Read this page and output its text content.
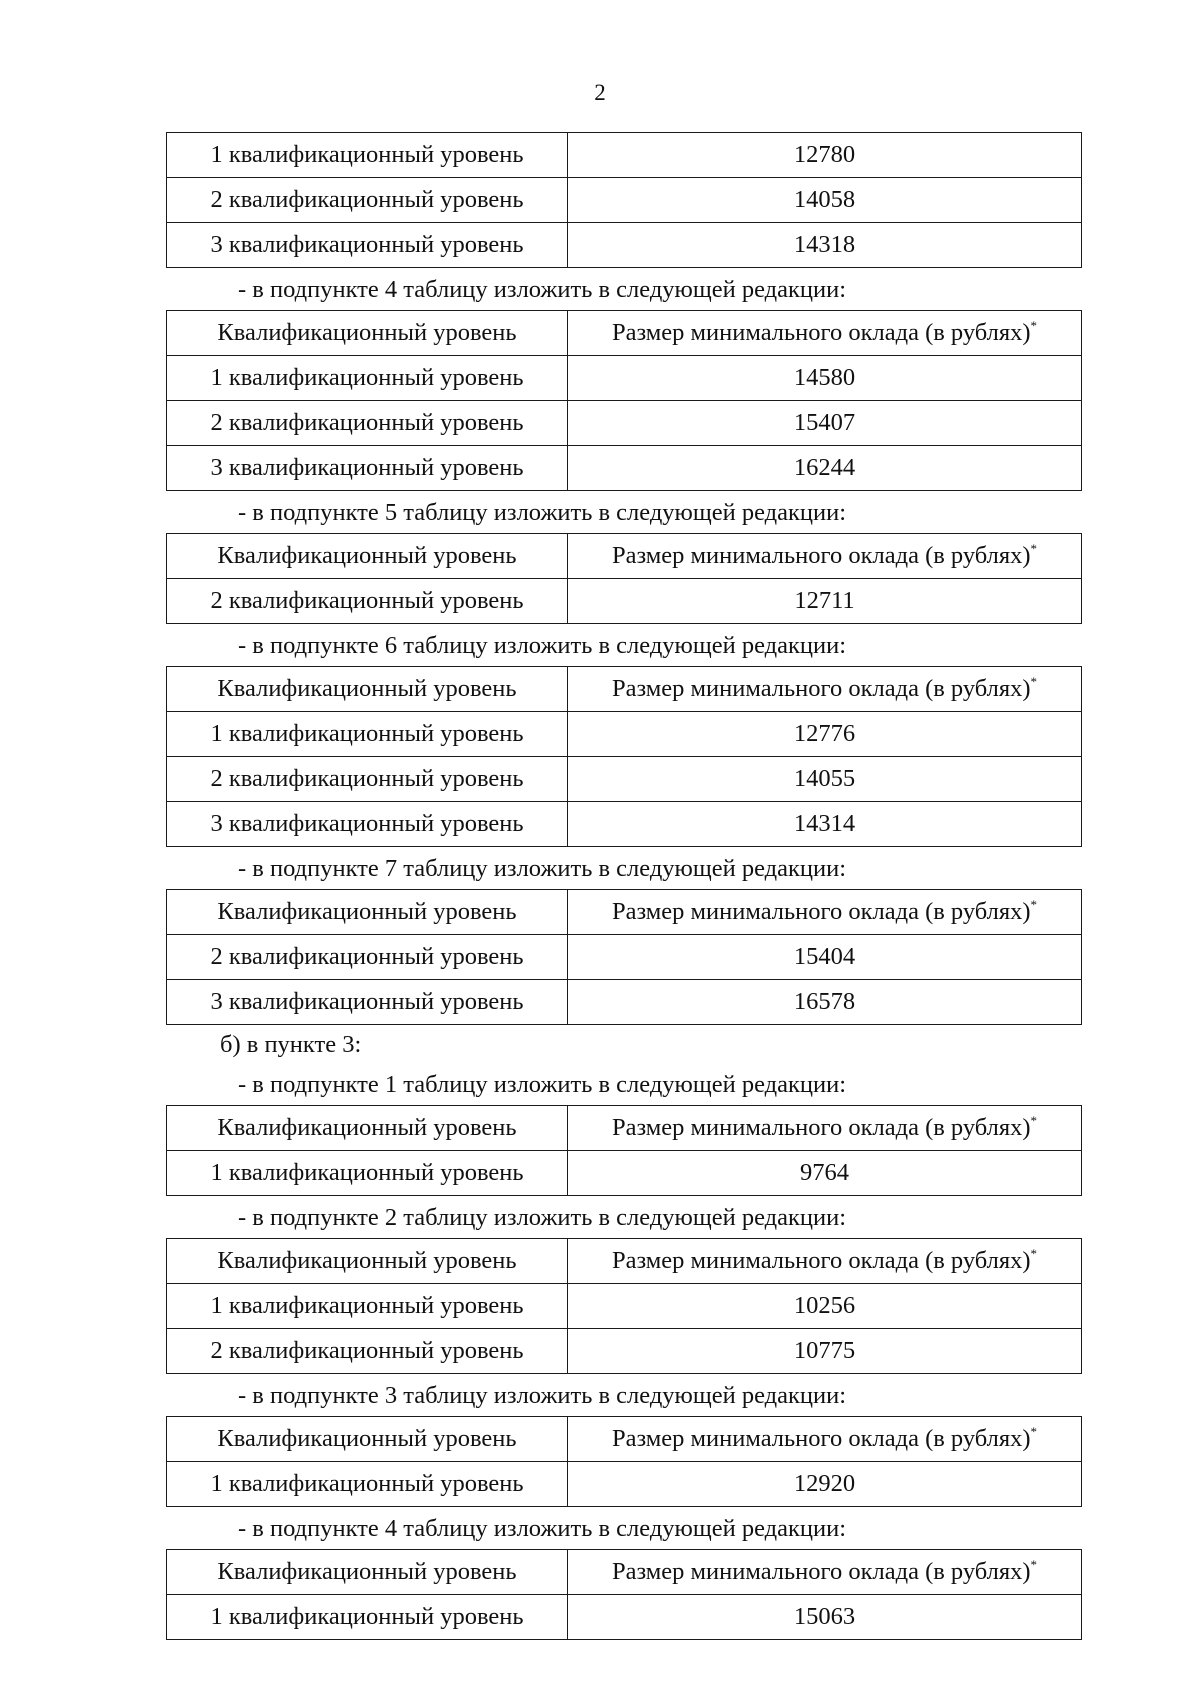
2
1 квалификационный уровень	12780
2 квалификационный уровень	14058
3 квалификационный уровень	14318
- в подпункте 4 таблицу изложить в следующей редакции:
Квалификационный уровень	Размер минимального оклада (в рублях)*
1 квалификационный уровень	14580
2 квалификационный уровень	15407
3 квалификационный уровень	16244
- в подпункте 5 таблицу изложить в следующей редакции:
Квалификационный уровень	Размер минимального оклада (в рублях)*
2 квалификационный уровень	12711
- в подпункте 6 таблицу изложить в следующей редакции:
Квалификационный уровень	Размер минимального оклада (в рублях)*
1 квалификационный уровень	12776
2 квалификационный уровень	14055
3 квалификационный уровень	14314
- в подпункте 7 таблицу изложить в следующей редакции:
Квалификационный уровень	Размер минимального оклада (в рублях)*
2 квалификационный уровень	15404
3 квалификационный уровень	16578
б) в пункте 3:
- в подпункте 1 таблицу изложить в следующей редакции:
Квалификационный уровень	Размер минимального оклада (в рублях)*
1 квалификационный уровень	9764
- в подпункте 2 таблицу изложить в следующей редакции:
Квалификационный уровень	Размер минимального оклада (в рублях)*
1 квалификационный уровень	10256
2 квалификационный уровень	10775
- в подпункте 3 таблицу изложить в следующей редакции:
Квалификационный уровень	Размер минимального оклада (в рублях)*
1 квалификационный уровень	12920
- в подпункте 4 таблицу изложить в следующей редакции:
Квалификационный уровень	Размер минимального оклада (в рублях)*
1 квалификационный уровень	15063
